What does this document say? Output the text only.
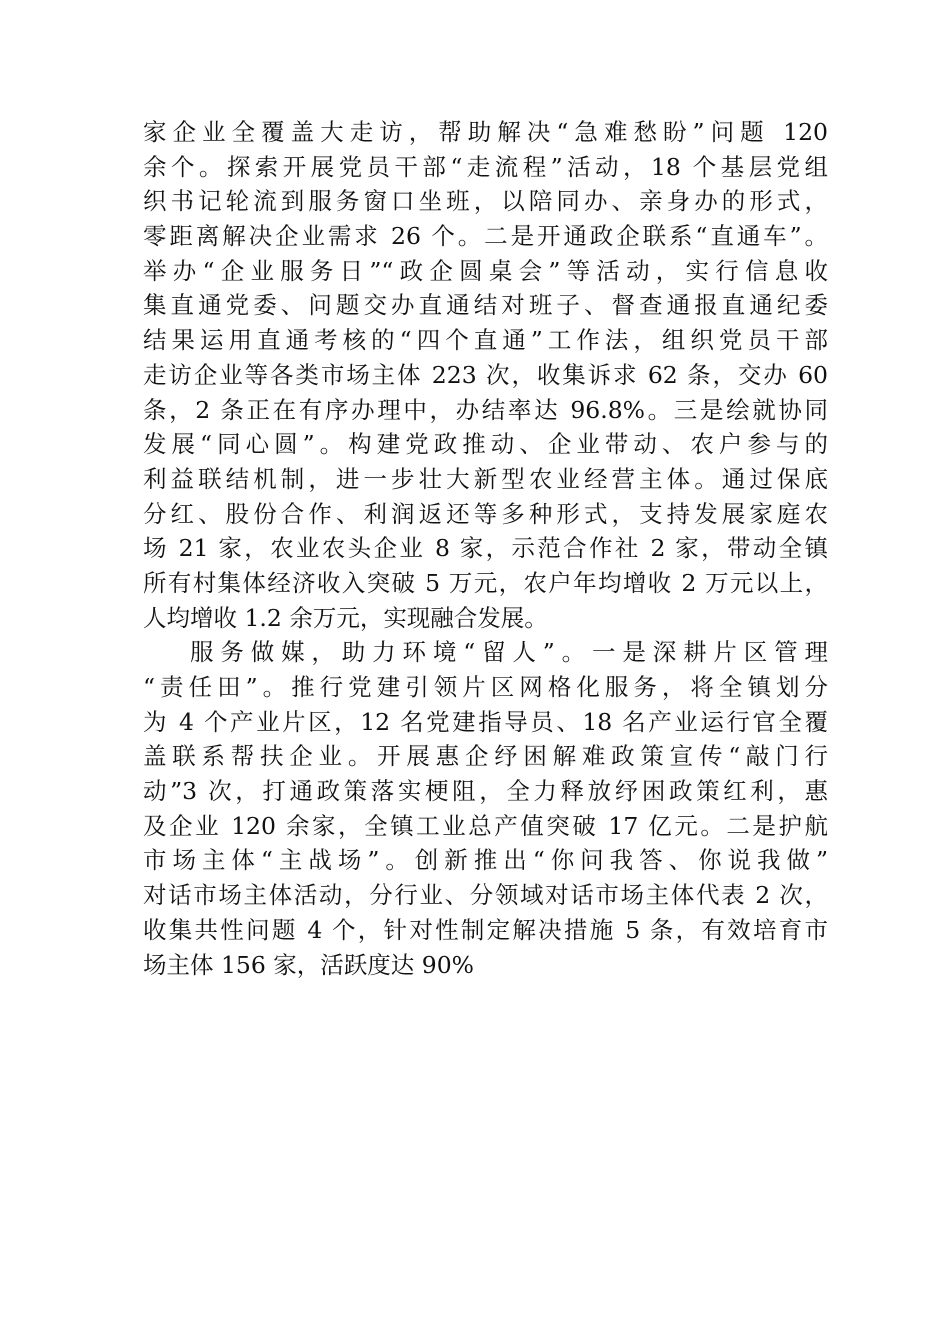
家企业全覆盖大走访，帮助解决“急难愁盼”问题 120
余个。探索开展党员干部“走流程”活动，18 个基层党组
织书记轮流到服务窗口坐班，以陪同办、亲身办的形式，
零距离解决企业需求 26 个。二是开通政企联系“直通车”。
举办“企业服务日”“政企圆桌会”等活动，实行信息收
集直通党委、问题交办直通结对班子、督查通报直通纪委
结果运用直通考核的“四个直通”工作法，组织党员干部
走访企业等各类市场主体 223 次，收集诉求 62 条，交办 60
条，2 条正在有序办理中，办结率达 96.8%。三是绘就协同
发展“同心圆”。构建党政推动、企业带动、农户参与的
利益联结机制，进一步壮大新型农业经营主体。通过保底
分红、股份合作、利润返还等多种形式，支持发展家庭农
场 21 家，农业农头企业 8 家，示范合作社 2 家，带动全镇
所有村集体经济收入突破 5 万元，农户年均增收 2 万元以上，
人均增收 1.2 余万元，实现融合发展。
服务做媒，助力环境“留人”。一是深耕片区管理
“责任田”。推行党建引领片区网格化服务，将全镇划分
为 4 个产业片区，12 名党建指导员、18 名产业运行官全覆
盖联系帮扶企业。开展惠企纾困解难政策宣传“敲门行
动”3 次，打通政策落实梗阻，全力释放纾困政策红利，惠
及企业 120 余家，全镇工业总产值突破 17 亿元。二是护航
市场主体“主战场”。创新推出“你问我答、你说我做”
对话市场主体活动，分行业、分领域对话市场主体代表 2 次，
收集共性问题 4 个，针对性制定解决措施 5 条，有效培育市
场主体 156 家，活跃度达 90%
